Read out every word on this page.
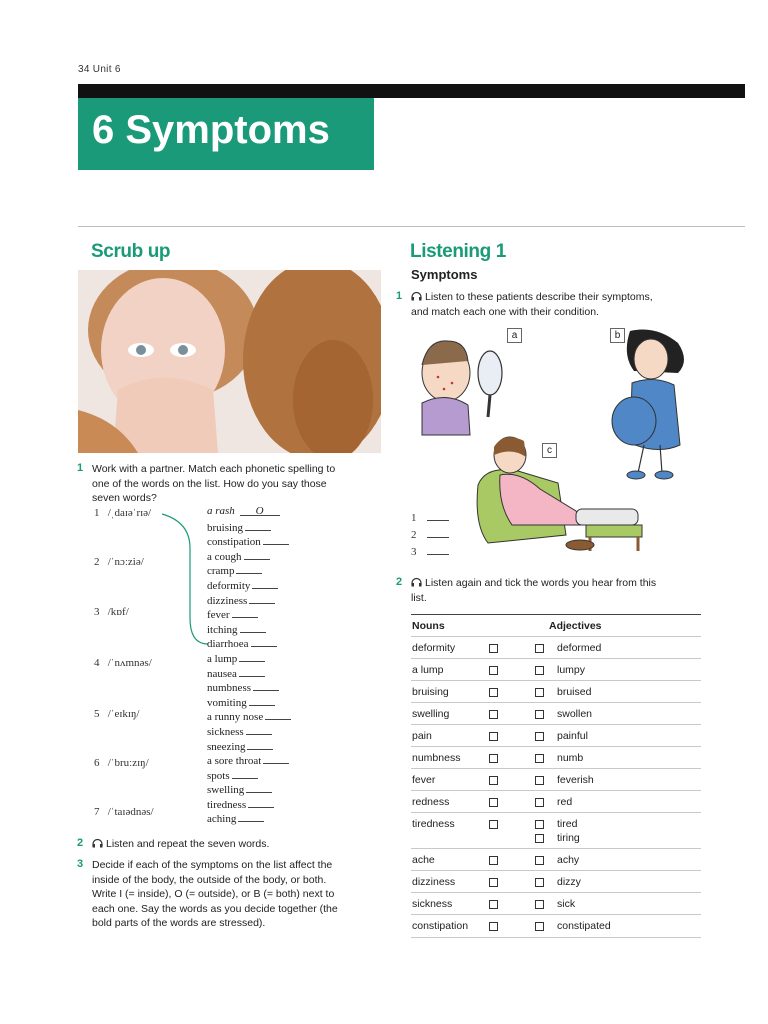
34 Unit 6
6 Symptoms
Scrub up
1 Work with a partner. Match each phonetic spelling to
one of the words on the list. How do you say those
seven words?
1 /ˌdaɪəˈrɪə/
2 /ˈnɔːziə/
3 /kɒf/
4 /ˈnʌmnəs/
5 /ˈeɪkɪŋ/
6 /ˈbruːzɪŋ/
7 /ˈtaɪədnəs/
a rash O
bruising
constipation
a cough
cramp
deformity
dizziness
fever
itching
diarrhoea
a lump
nausea
numbness
vomiting
a runny nose
sickness
sneezing
a sore throat
spots
swelling
tiredness
aching
2	Listen and repeat the seven words.
3 Decide if each of the symptoms on the list affect the
inside of the body, the outside of the body, or both.
Write I (= inside), O (= outside), or B (= both) next to
each one. Say the words as you decide together (the
bold parts of the words are stressed).
Listening 1
Symptoms
1	Listen to these patients describe their symptoms,
and match each one with their condition.
a	b
c
1
2
3
2	Listen again and tick the words you hear from this
list.
Nouns	Adjectives
deformity	deformed
a lump	lumpy
bruising	bruised
swelling	swollen
pain	painful
numbness	numb
fever	feverish
redness	red
tiredness	tired
tiring
ache	achy
dizziness	dizzy
sickness	sick
constipation	constipated
